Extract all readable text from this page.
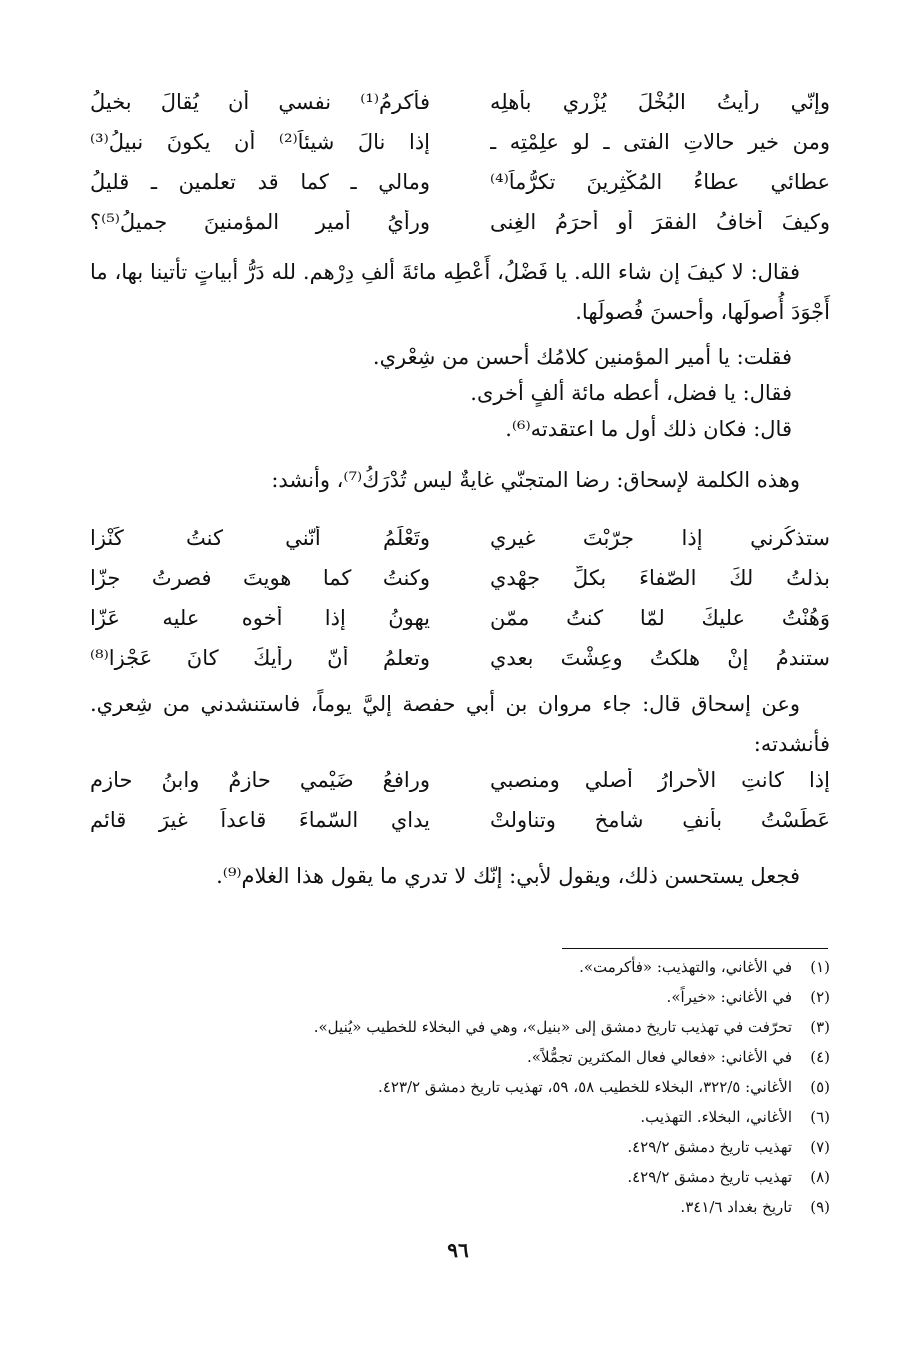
وإنّي رأيتُ البُخْلَ يُزْري بأهلِه
فأكرِمُ⁽¹⁾ نفسي أن يُقالَ بخيلُ
ومن خيرِ حالاتِ الفتى ـ لو علِمْتِه ـ
إذا نالَ شيئاً⁽²⁾ أن يكونَ نبيلُ⁽³⁾
عطائي عطاءُ المُكْثِرينَ تكرُّماً⁽⁴⁾
ومالي ـ كما قد تعلمين ـ قليلُ
وكيفَ أخافُ الفقرَ أو أُحرَمُ الغِنى
ورأيُ أميرِ المؤمنينَ جميلُ⁽⁵⁾؟
فقال: لا كيفَ إن شاء الله. يا فَضْلُ، أَعْطِه مائةَ ألفِ دِرْهم. لله دَرُّ أبياتٍ تأتينا بها، ما أَجْوَدَ أُصولَها، وأحسنَ فُصولَها.
فقلت: يا أمير المؤمنين كلامُك أحسن من شِعْري.
فقال: يا فضل، أعطه مائة ألفٍ أخرى.
قال: فكان ذلك أول ما اعتقدته⁽⁶⁾.
وهذه الكلمة لإسحاق: رضا المتجنّي غايةٌ ليس تُدْرَكُ⁽⁷⁾، وأنشد:
ستذكُرني إذا جرّبْتَ غيري
وتَعْلَمُ أنّني كنتُ كَنْزا
بذلتُ لكَ الصّفاءَ بكلِّ جهْدي
وكنتُ كما هويتَ فصرتُ جزّا
وَهُنْتُ عليكَ لمّا كنتُ ممّن
يهونُ إذا أخوه عليه عَزّا
ستندمُ إنْ هلكتُ وعِشْتَ بعدي
وتعلمُ أنّ رأيكَ كانَ عَجْزا⁽⁸⁾
وعن إسحاق قال: جاء مروان بن أبي حفصة إليَّ يوماً، فاستنشدني من شِعري. فأنشدته:
إذا كانتِ الأحرارُ أصلي ومنصبي
ورافعُ ضَيْمي حازمٌ وابنُ حازمِ
عَطَسْتُ بأنفٍ شامخٍ وتناولتْ
يداي السّماءَ قاعداً غيرَ قائمِ
فجعل يستحسن ذلك، ويقول لأبي: إنّك لا تدري ما يقول هذا الغلام⁽⁹⁾.
(١)
في الأغاني، والتهذيب: «فأكرمت».
(٢)
في الأغاني: «خيراً».
(٣)
تحرّفت في تهذيب تاريخ دمشق إلى «بنيل»، وهي في البخلاء للخطيب «يُنيل».
(٤)
في الأغاني: «فعالي فعال المكثرين تجمُّلاً».
(٥)
الأغاني: ٣٢٢/٥، البخلاء للخطيب ٥٨، ٥٩، تهذيب تاريخ دمشق ٤٢٣/٢.
(٦)
الأغاني، البخلاء. التهذيب.
(٧)
تهذيب تاريخ دمشق ٤٢٩/٢.
(٨)
تهذيب تاريخ دمشق ٤٢٩/٢.
(٩)
تاريخ بغداد ٣٤١/٦.
٩٦
